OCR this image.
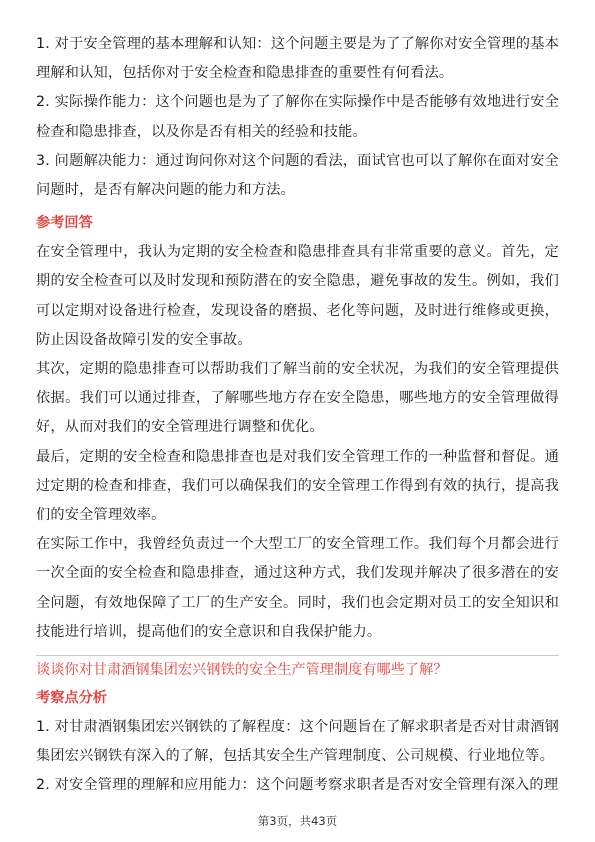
1. 对于安全管理的基本理解和认知：这个问题主要是为了了解你对安全管理的基本理解和认知，包括你对于安全检查和隐患排查的重要性有何看法。

2. 实际操作能力：这个问题也是为了了解你在实际操作中是否能够有效地进行安全检查和隐患排查，以及你是否有相关的经验和技能。

3. 问题解决能力：通过询问你对这个问题的看法，面试官也可以了解你在面对安全问题时，是否有解决问题的能力和方法。

参考回答

在安全管理中，我认为定期的安全检查和隐患排查具有非常重要的意义。首先，定期的安全检查可以及时发现和预防潜在的安全隐患，避免事故的发生。例如，我们可以定期对设备进行检查，发现设备的磨损、老化等问题，及时进行维修或更换，防止因设备故障引发的安全事故。

其次，定期的隐患排查可以帮助我们了解当前的安全状况，为我们的安全管理提供依据。我们可以通过排查，了解哪些地方存在安全隐患，哪些地方的安全管理做得好，从而对我们的安全管理进行调整和优化。

最后，定期的安全检查和隐患排查也是对我们安全管理工作的一种监督和督促。通过定期的检查和排查，我们可以确保我们的安全管理工作得到有效的执行，提高我们的安全管理效率。

在实际工作中，我曾经负责过一个大型工厂的安全管理工作。我们每个月都会进行一次全面的安全检查和隐患排查，通过这种方式，我们发现并解决了很多潜在的安全问题，有效地保障了工厂的生产安全。同时，我们也会定期对员工的安全知识和技能进行培训，提高他们的安全意识和自我保护能力。

谈谈你对甘肃酒钢集团宏兴钢铁的安全生产管理制度有哪些了解？

考察点分析

1. 对甘肃酒钢集团宏兴钢铁的了解程度：这个问题旨在了解求职者是否对甘肃酒钢集团宏兴钢铁有深入的了解，包括其安全生产管理制度、公司规模、行业地位等。

2. 对安全管理的理解和应用能力：这个问题考察求职者是否对安全管理有深入的理

第3页，共43页
